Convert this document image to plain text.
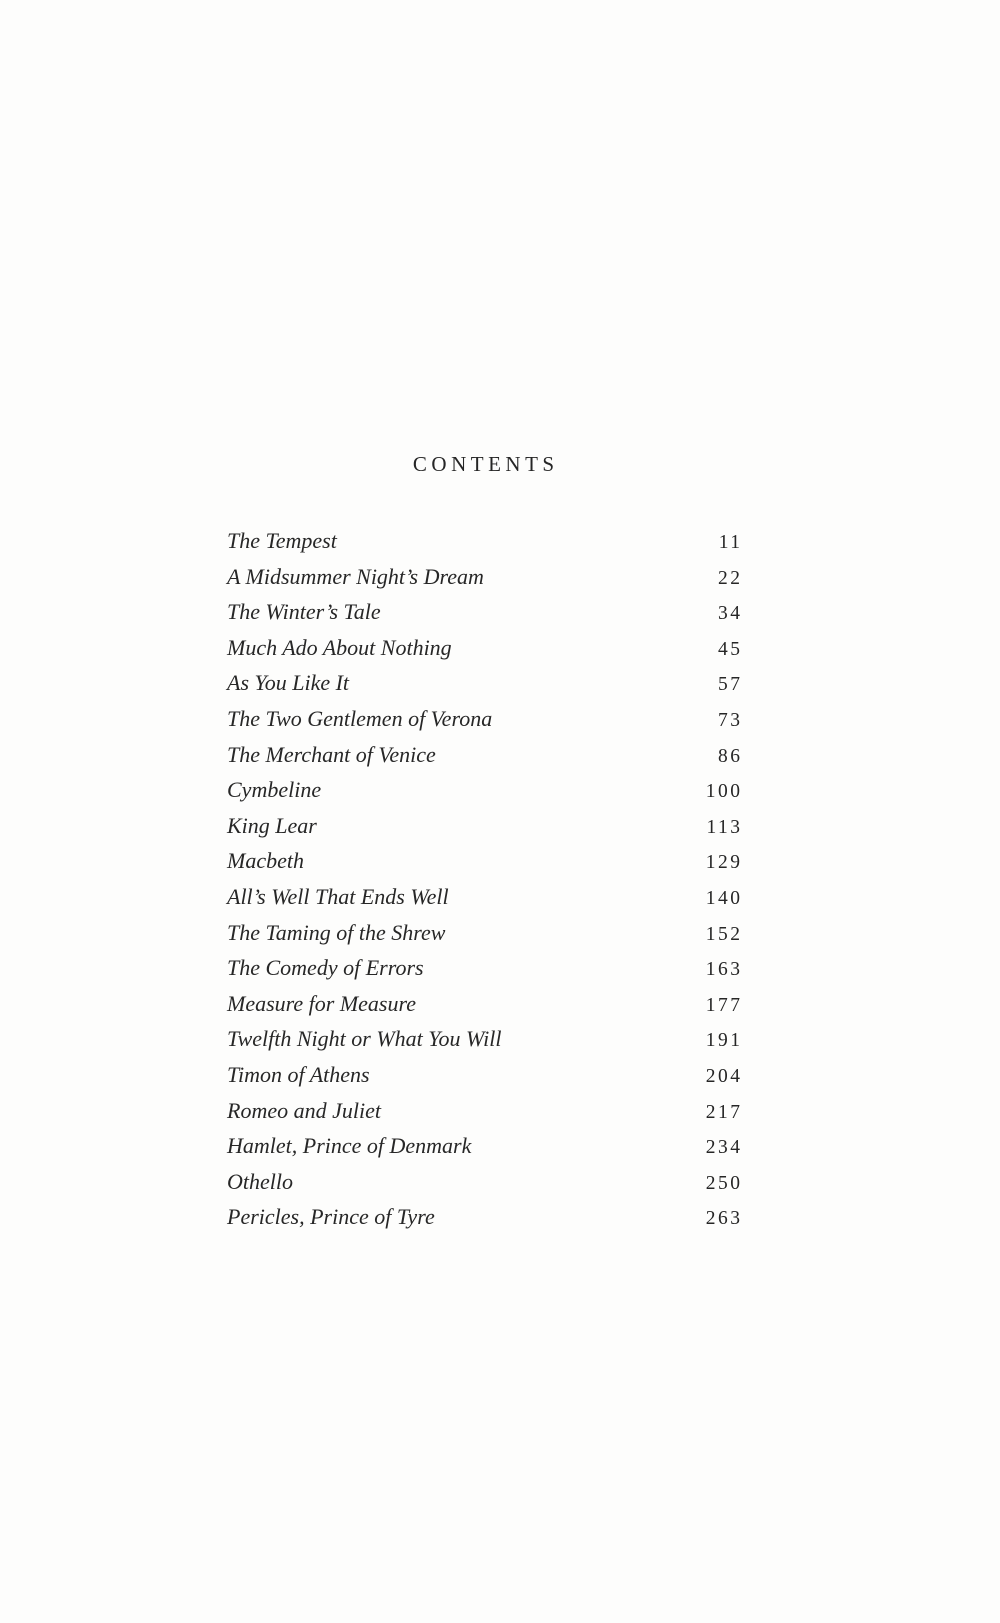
CONTENTS
The Tempest	11
A Midsummer Night’s Dream	22
The Winter’s Tale	34
Much Ado About Nothing	45
As You Like It	57
The Two Gentlemen of Verona	73
The Merchant of Venice	86
Cymbeline	100
King Lear	113
Macbeth	129
All’s Well That Ends Well	140
The Taming of the Shrew	152
The Comedy of Errors	163
Measure for Measure	177
Twelfth Night or What You Will	191
Timon of Athens	204
Romeo and Juliet	217
Hamlet, Prince of Denmark	234
Othello	250
Pericles, Prince of Tyre	263
